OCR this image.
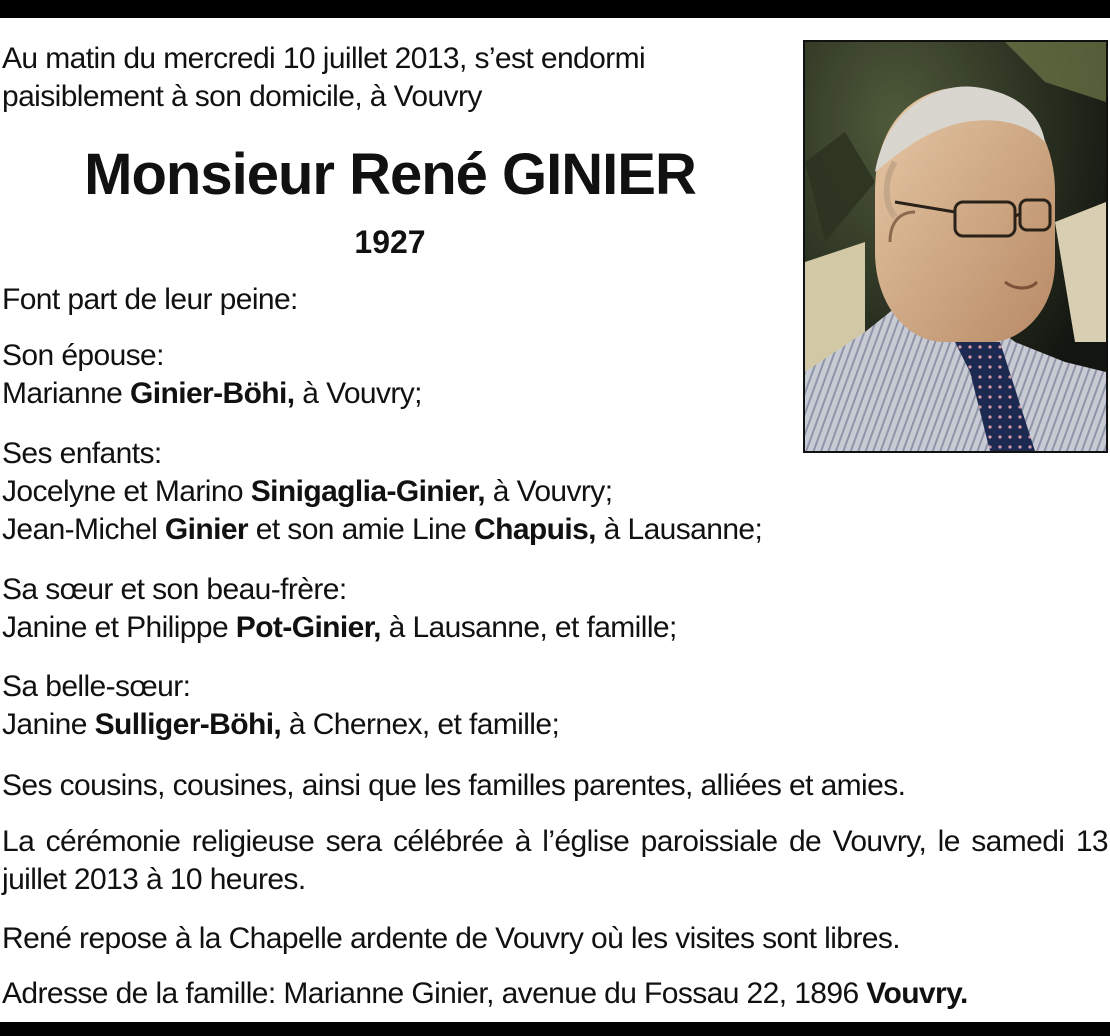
Au matin du mercredi 10 juillet 2013, s’est endormi
paisiblement à son domicile, à Vouvry
Monsieur René GINIER
1927
Font part de leur peine:
Son épouse:
Marianne Ginier-Böhi, à Vouvry;
Ses enfants:
Jocelyne et Marino Sinigaglia-Ginier, à Vouvry;
Jean-Michel Ginier et son amie Line Chapuis, à Lausanne;
Sa sœur et son beau-frère:
Janine et Philippe Pot-Ginier, à Lausanne, et famille;
Sa belle-sœur:
Janine Sulliger-Böhi, à Chernex, et famille;
Ses cousins, cousines, ainsi que les familles parentes, alliées et amies.
La cérémonie religieuse sera célébrée à l’église paroissiale de Vouvry, le samedi 13 juillet 2013 à 10 heures.
René repose à la Chapelle ardente de Vouvry où les visites sont libres.
Adresse de la famille: Marianne Ginier, avenue du Fossau 22, 1896 Vouvry.
